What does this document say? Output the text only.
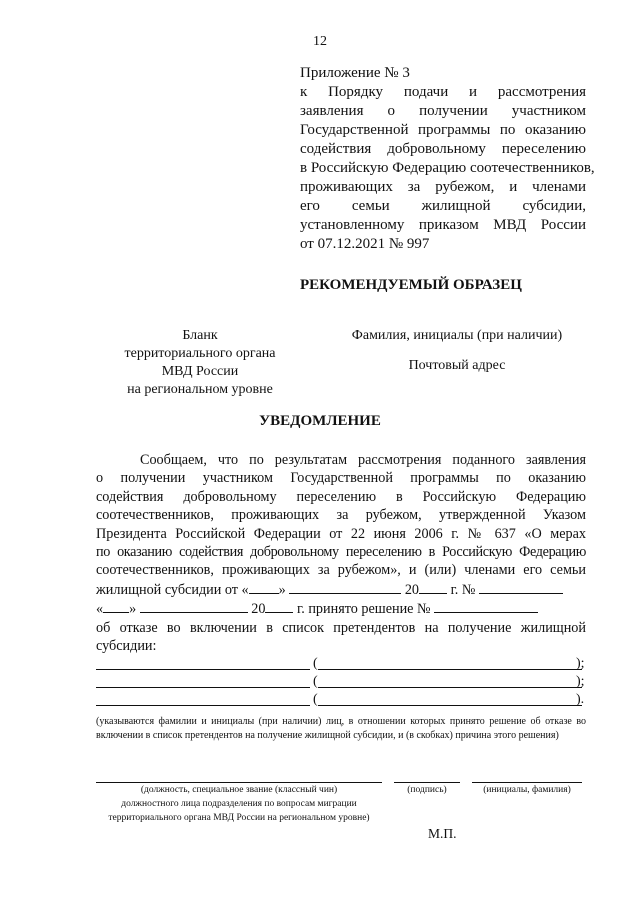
12
Приложение № 3
к Порядку подачи и рассмотрения
заявления о получении участником
Государственной программы по оказанию
содействия добровольному переселению
в Российскую Федерацию соотечественников,
проживающих за рубежом, и членами
его семьи жилищной субсидии,
установленному приказом МВД России
от 07.12.2021 № 997
РЕКОМЕНДУЕМЫЙ ОБРАЗЕЦ
Бланк
территориального органа
МВД России
на региональном уровне
Фамилия, инициалы (при наличии)
Почтовый адрес
УВЕДОМЛЕНИЕ
Сообщаем, что по результатам рассмотрения поданного заявления
о получении участником Государственной программы по оказанию
содействия добровольному переселению в Российскую Федерацию
соотечественников, проживающих за рубежом, утвержденной Указом
Президента Российской Федерации от 22 июня 2006 г. № 637 «О мерах
по оказанию содействия добровольному переселению в Российскую Федерацию
соотечественников, проживающих за рубежом», и (или) членами его семьи
жилищной субсидии от « »	20 г. №
« »	20 г. принято решение №
об отказе во включении в список претендентов на получение жилищной
субсидии:
(	);
(	);
(	).
(указываются фамилии и инициалы (при наличии) лиц, в отношении которых принято решение об отказе во включении в список претендентов на получение жилищной субсидии, и (в скобках) причина этого решения)
(должность, специальное звание (классный чин)
должностного лица подразделения по вопросам миграции
территориального органа МВД России на региональном уровне)
(подпись)	(инициалы, фамилия)
М.П.
